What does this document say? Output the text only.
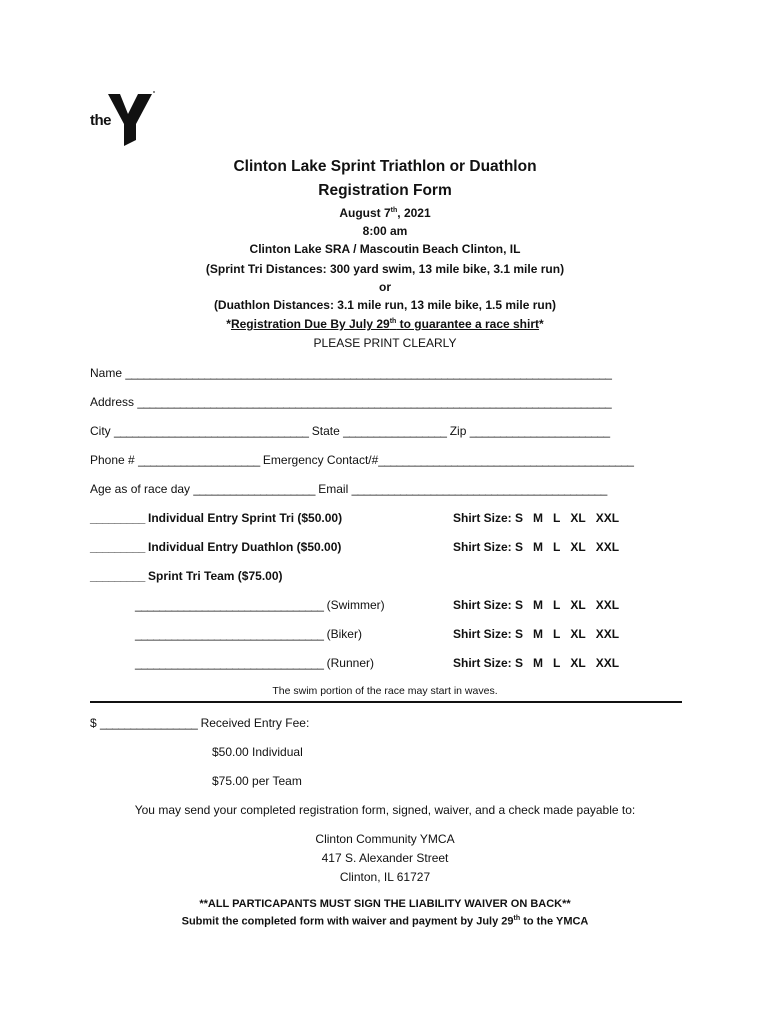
the
Clinton Lake Sprint Triathlon or Duathlon
Registration Form
August 7th, 2021
8:00 am
Clinton Lake SRA / Mascoutin Beach Clinton, IL
(Sprint Tri Distances: 300 yard swim, 13 mile bike, 3.1 mile run)
or
(Duathlon Distances: 3.1 mile run, 13 mile bike, 1.5 mile run)
*Registration Due By July 29th to guarantee a race shirt*
PLEASE PRINT CLEARLY
Name ________________________________________________________________________________
Address ______________________________________________________________________________
City ________________________________ State _________________ Zip _______________________
Phone # ____________________ Emergency Contact/#__________________________________________
Age as of race day ____________________ Email __________________________________________
_________ Individual Entry Sprint Tri ($50.00)	Shirt Size: S M L XL XXL
_________ Individual Entry Duathlon ($50.00)	Shirt Size: S M L XL XXL
_________ Sprint Tri Team ($75.00)
_______________________________ (Swimmer)	Shirt Size: S M L XL XXL
_______________________________ (Biker)	Shirt Size: S M L XL XXL
_______________________________ (Runner)	Shirt Size: S M L XL XXL
The swim portion of the race may start in waves.
$ ________________ Received Entry Fee:
$50.00 Individual
$75.00 per Team
You may send your completed registration form, signed, waiver, and a check made payable to:
Clinton Community YMCA
417 S. Alexander Street
Clinton, IL 61727
**ALL PARTICAPANTS MUST SIGN THE LIABILITY WAIVER ON BACK**
Submit the completed form with waiver and payment by July 29th to the YMCA
